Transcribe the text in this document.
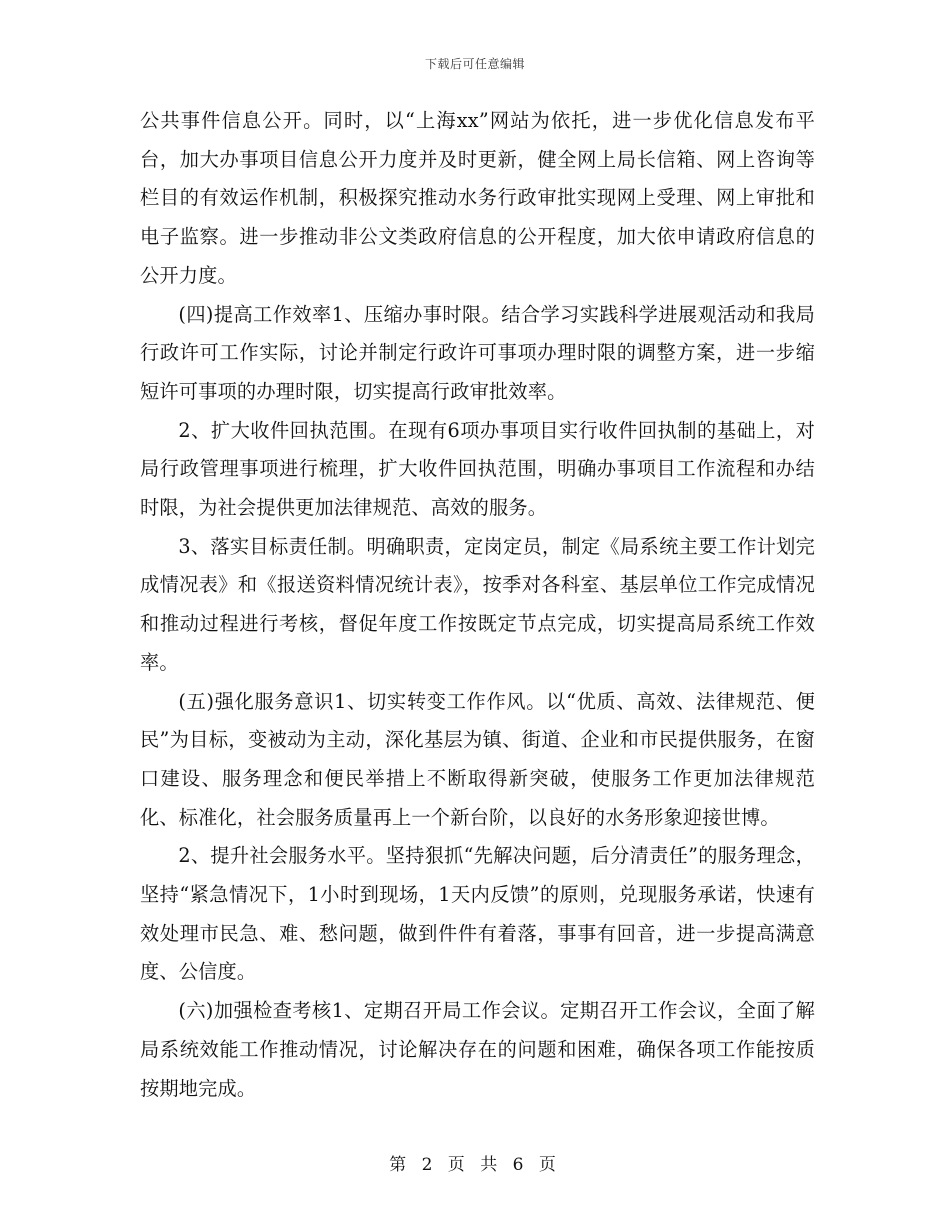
下载后可任意编辑

公共事件信息公开。同时，以“上海xx”网站为依托，进一步优化信息发布平台，加大办事项目信息公开力度并及时更新，健全网上局长信箱、网上咨询等栏目的有效运作机制，积极探究推动水务行政审批实现网上受理、网上审批和电子监察。进一步推动非公文类政府信息的公开程度，加大依申请政府信息的公开力度。

(四)提高工作效率1、压缩办事时限。结合学习实践科学进展观活动和我局行政许可工作实际，讨论并制定行政许可事项办理时限的调整方案，进一步缩短许可事项的办理时限，切实提高行政审批效率。

2、扩大收件回执范围。在现有6项办事项目实行收件回执制的基础上，对局行政管理事项进行梳理，扩大收件回执范围，明确办事项目工作流程和办结时限，为社会提供更加法律规范、高效的服务。

3、落实目标责任制。明确职责，定岗定员，制定《局系统主要工作计划完成情况表》和《报送资料情况统计表》，按季对各科室、基层单位工作完成情况和推动过程进行考核，督促年度工作按既定节点完成，切实提高局系统工作效率。

(五)强化服务意识1、切实转变工作作风。以“优质、高效、法律规范、便民”为目标，变被动为主动，深化基层为镇、街道、企业和市民提供服务，在窗口建设、服务理念和便民举措上不断取得新突破，使服务工作更加法律规范化、标准化，社会服务质量再上一个新台阶，以良好的水务形象迎接世博。

2、提升社会服务水平。坚持狠抓“先解决问题，后分清责任”的服务理念，坚持“紧急情况下，1小时到现场，1天内反馈”的原则，兑现服务承诺，快速有效处理市民急、难、愁问题，做到件件有着落，事事有回音，进一步提高满意度、公信度。

(六)加强检查考核1、定期召开局工作会议。定期召开工作会议，全面了解局系统效能工作推动情况，讨论解决存在的问题和困难，确保各项工作能按质按期地完成。

第 2 页 共 6 页
